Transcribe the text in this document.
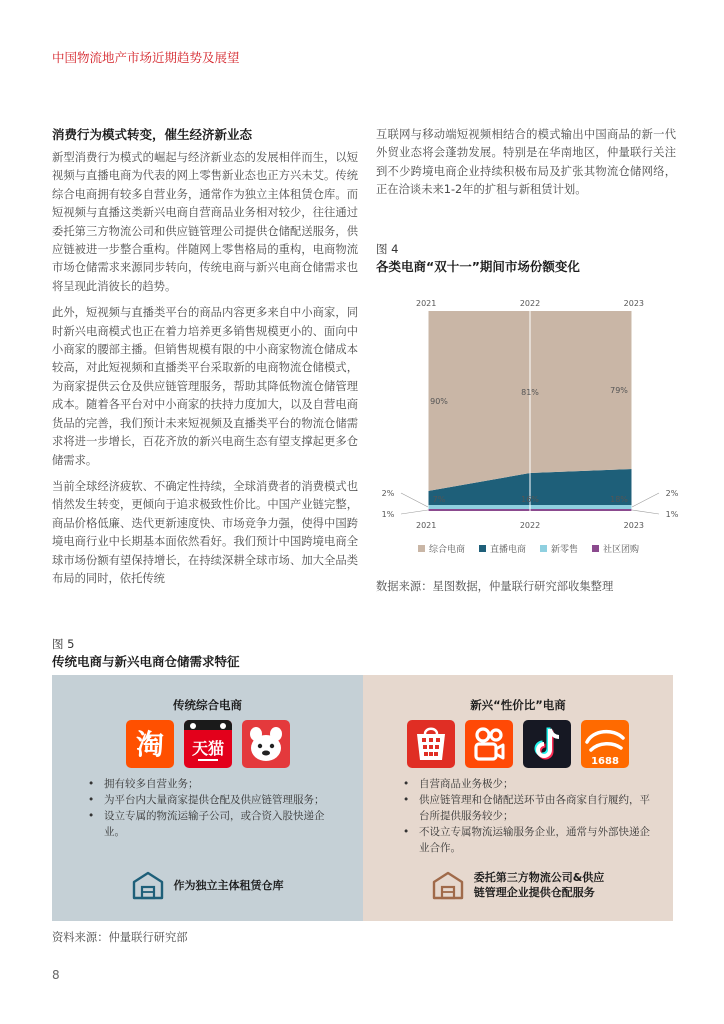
中国物流地产市场近期趋势及展望
消费行为模式转变，催生经济新业态

新型消费行为模式的崛起与经济新业态的发展相伴而生，以短视频与直播电商为代表的网上零售新业态也正方兴未艾。传统综合电商拥有较多自营业务，通常作为独立主体租赁仓库。而短视频与直播这类新兴电商自营商品业务相对较少，往往通过委托第三方物流公司和供应链管理公司提供仓储配送服务，供应链被进一步整合重构。伴随网上零售格局的重构，电商物流市场仓储需求来源同步转向，传统电商与新兴电商仓储需求也将呈现此消彼长的趋势。

此外，短视频与直播类平台的商品内容更多来自中小商家，同时新兴电商模式也正在着力培养更多销售规模更小的、面向中小商家的腰部主播。但销售规模有限的中小商家物流仓储成本较高，对此短视频和直播类平台采取新的电商物流仓储模式，为商家提供云仓及供应链管理服务，帮助其降低物流仓储管理成本。随着各平台对中小商家的扶持力度加大，以及自营电商货品的完善，我们预计未来短视频及直播类平台的物流仓储需求将进一步增长，百花齐放的新兴电商生态有望支撑起更多仓储需求。

当前全球经济疲软、不确定性持续，全球消费者的消费模式也悄然发生转变，更倾向于追求极致性价比。中国产业链完整，商品价格低廉、迭代更新速度快、市场竞争力强，使得中国跨境电商行业中长期基本面依然看好。我们预计中国跨境电商全球市场份额有望保持增长，在持续深耕全球市场、加大全品类布局的同时，依托传统

互联网与移动端短视频相结合的模式输出中国商品的新一代外贸业态将会蓬勃发展。特别是在华南地区，仲量联行关注到不少跨境电商企业持续积极布局及扩张其物流仓储网络，正在洽谈未来1-2年的扩租与新租赁计划。

图 4
各类电商“双十一”期间市场份额变化
2021	2022	2023
7%	16%	18%
90%
81%	79%
1%	1%
2%	2%
2021	2022	2023
综合电商	直播电商	新零售	社区团购
数据来源：星图数据，仲量联行研究部收集整理
图 5
传统电商与新兴电商仓储需求特征
传统综合电商
淘 天猫
• 拥有较多自营业务；
• 为平台内大量商家提供仓配及供应链管理服务；
• 设立专属的物流运输子公司，或合资入股快递企业。
作为独立主体租赁仓库
新兴“性价比”电商
1688
• 自营商品业务极少；
• 供应链管理和仓储配送环节由各商家自行履约，平台所提供服务较少；
• 不设立专属物流运输服务企业，通常与外部快递企业合作。
委托第三方物流公司&供应
链管理企业提供仓配服务
资料来源：仲量联行研究部
8
